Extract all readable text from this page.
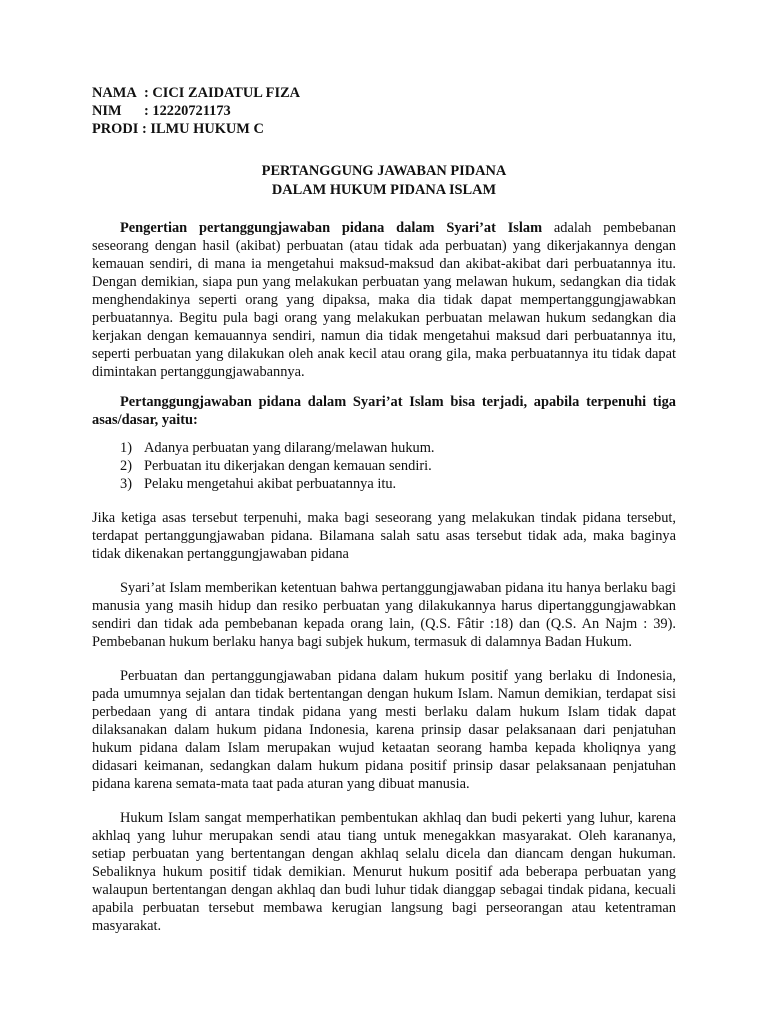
NAMA : CICI ZAIDATUL FIZA
NIM	: 12220721173
PRODI : ILMU HUKUM C
PERTANGGUNG JAWABAN PIDANA
DALAM HUKUM PIDANA ISLAM

Pengertian pertanggungjawaban pidana dalam Syari’at Islam adalah pembebanan seseorang dengan hasil (akibat) perbuatan (atau tidak ada perbuatan) yang dikerjakannya dengan kemauan sendiri, di mana ia mengetahui maksud-maksud dan akibat-akibat dari perbuatannya itu. Dengan demikian, siapa pun yang melakukan perbuatan yang melawan hukum, sedangkan dia tidak menghendakinya seperti orang yang dipaksa, maka dia tidak dapat mempertanggungjawabkan perbuatannya. Begitu pula bagi orang yang melakukan perbuatan melawan hukum sedangkan dia kerjakan dengan kemauannya sendiri, namun dia tidak mengetahui maksud dari perbuatannya itu, seperti perbuatan yang dilakukan oleh anak kecil atau orang gila, maka perbuatannya itu tidak dapat dimintakan pertanggungjawabannya.

Pertanggungjawaban pidana dalam Syari’at Islam bisa terjadi, apabila terpenuhi tiga asas/dasar, yaitu:

1) Adanya perbuatan yang dilarang/melawan hukum.
2) Perbuatan itu dikerjakan dengan kemauan sendiri.
3) Pelaku mengetahui akibat perbuatannya itu.

Jika ketiga asas tersebut terpenuhi, maka bagi seseorang yang melakukan tindak pidana tersebut, terdapat pertanggungjawaban pidana. Bilamana salah satu asas tersebut tidak ada, maka baginya tidak dikenakan pertanggungjawaban pidana

Syari’at Islam memberikan ketentuan bahwa pertanggungjawaban pidana itu hanya berlaku bagi manusia yang masih hidup dan resiko perbuatan yang dilakukannya harus dipertanggungjawabkan sendiri dan tidak ada pembebanan kepada orang lain, (Q.S. Fâtir :18) dan (Q.S. An Najm : 39). Pembebanan hukum berlaku hanya bagi subjek hukum, termasuk di dalamnya Badan Hukum.

Perbuatan dan pertanggungjawaban pidana dalam hukum positif yang berlaku di Indonesia, pada umumnya sejalan dan tidak bertentangan dengan hukum Islam. Namun demikian, terdapat sisi perbedaan yang di antara tindak pidana yang mesti berlaku dalam hukum Islam tidak dapat dilaksanakan dalam hukum pidana Indonesia, karena prinsip dasar pelaksanaan dari penjatuhan hukum pidana dalam Islam merupakan wujud ketaatan seorang hamba kepada kholiqnya yang didasari keimanan, sedangkan dalam hukum pidana positif prinsip dasar pelaksanaan penjatuhan pidana karena semata-mata taat pada aturan yang dibuat manusia.

Hukum Islam sangat memperhatikan pembentukan akhlaq dan budi pekerti yang luhur, karena akhlaq yang luhur merupakan sendi atau tiang untuk menegakkan masyarakat. Oleh karananya, setiap perbuatan yang bertentangan dengan akhlaq selalu dicela dan diancam dengan hukuman. Sebaliknya hukum positif tidak demikian. Menurut hukum positif ada beberapa perbuatan yang walaupun bertentangan dengan akhlaq dan budi luhur tidak dianggap sebagai tindak pidana, kecuali apabila perbuatan tersebut membawa kerugian langsung bagi perseorangan atau ketentraman masyarakat.
